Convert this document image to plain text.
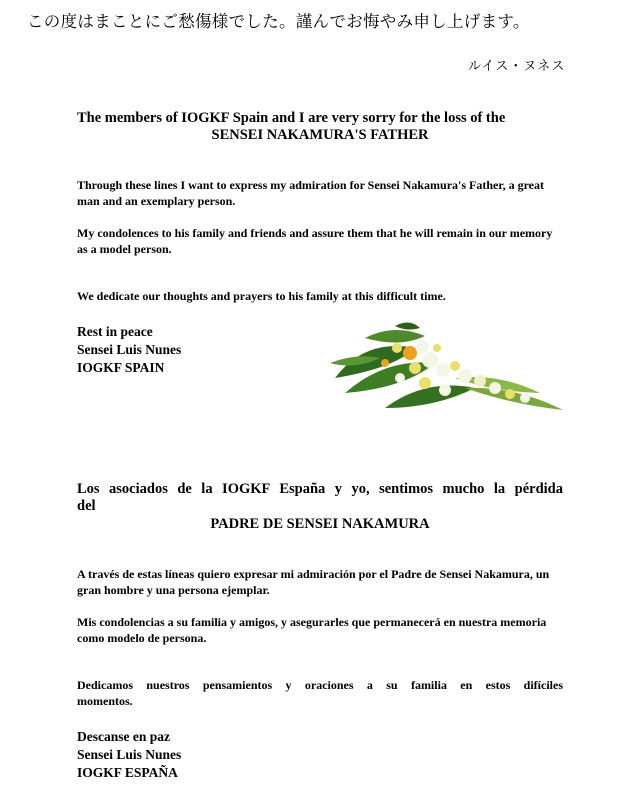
この度はまことにご愁傷様でした。謹んでお悔やみ申し上げます。
ルイス・ヌネス
The members of IOGKF Spain and I are very sorry for the loss of the
SENSEI NAKAMURA'S FATHER
Through these lines I want to express my admiration for Sensei Nakamura's Father, a great man and an exemplary person.
My condolences to his family and friends and assure them that he will remain in our memory as a model person.
We dedicate our thoughts and prayers to his family at this difficult time.
Rest in peace
Sensei Luis Nunes
IOGKF SPAIN
Los asociados de la IOGKF España y yo, sentimos mucho la pérdida
del
PADRE DE SENSEI NAKAMURA
A través de estas líneas quiero expresar mi admiración por el Padre de Sensei Nakamura, un gran hombre y una persona ejemplar.
Mis condolencias a su familia y amigos, y asegurarles que permanecerá en nuestra memoria como modelo de persona.
Dedicamos nuestros pensamientos y oraciones a su familia en estos difíciles
momentos.
Descanse en paz
Sensei Luis Nunes
IOGKF ESPAÑA
